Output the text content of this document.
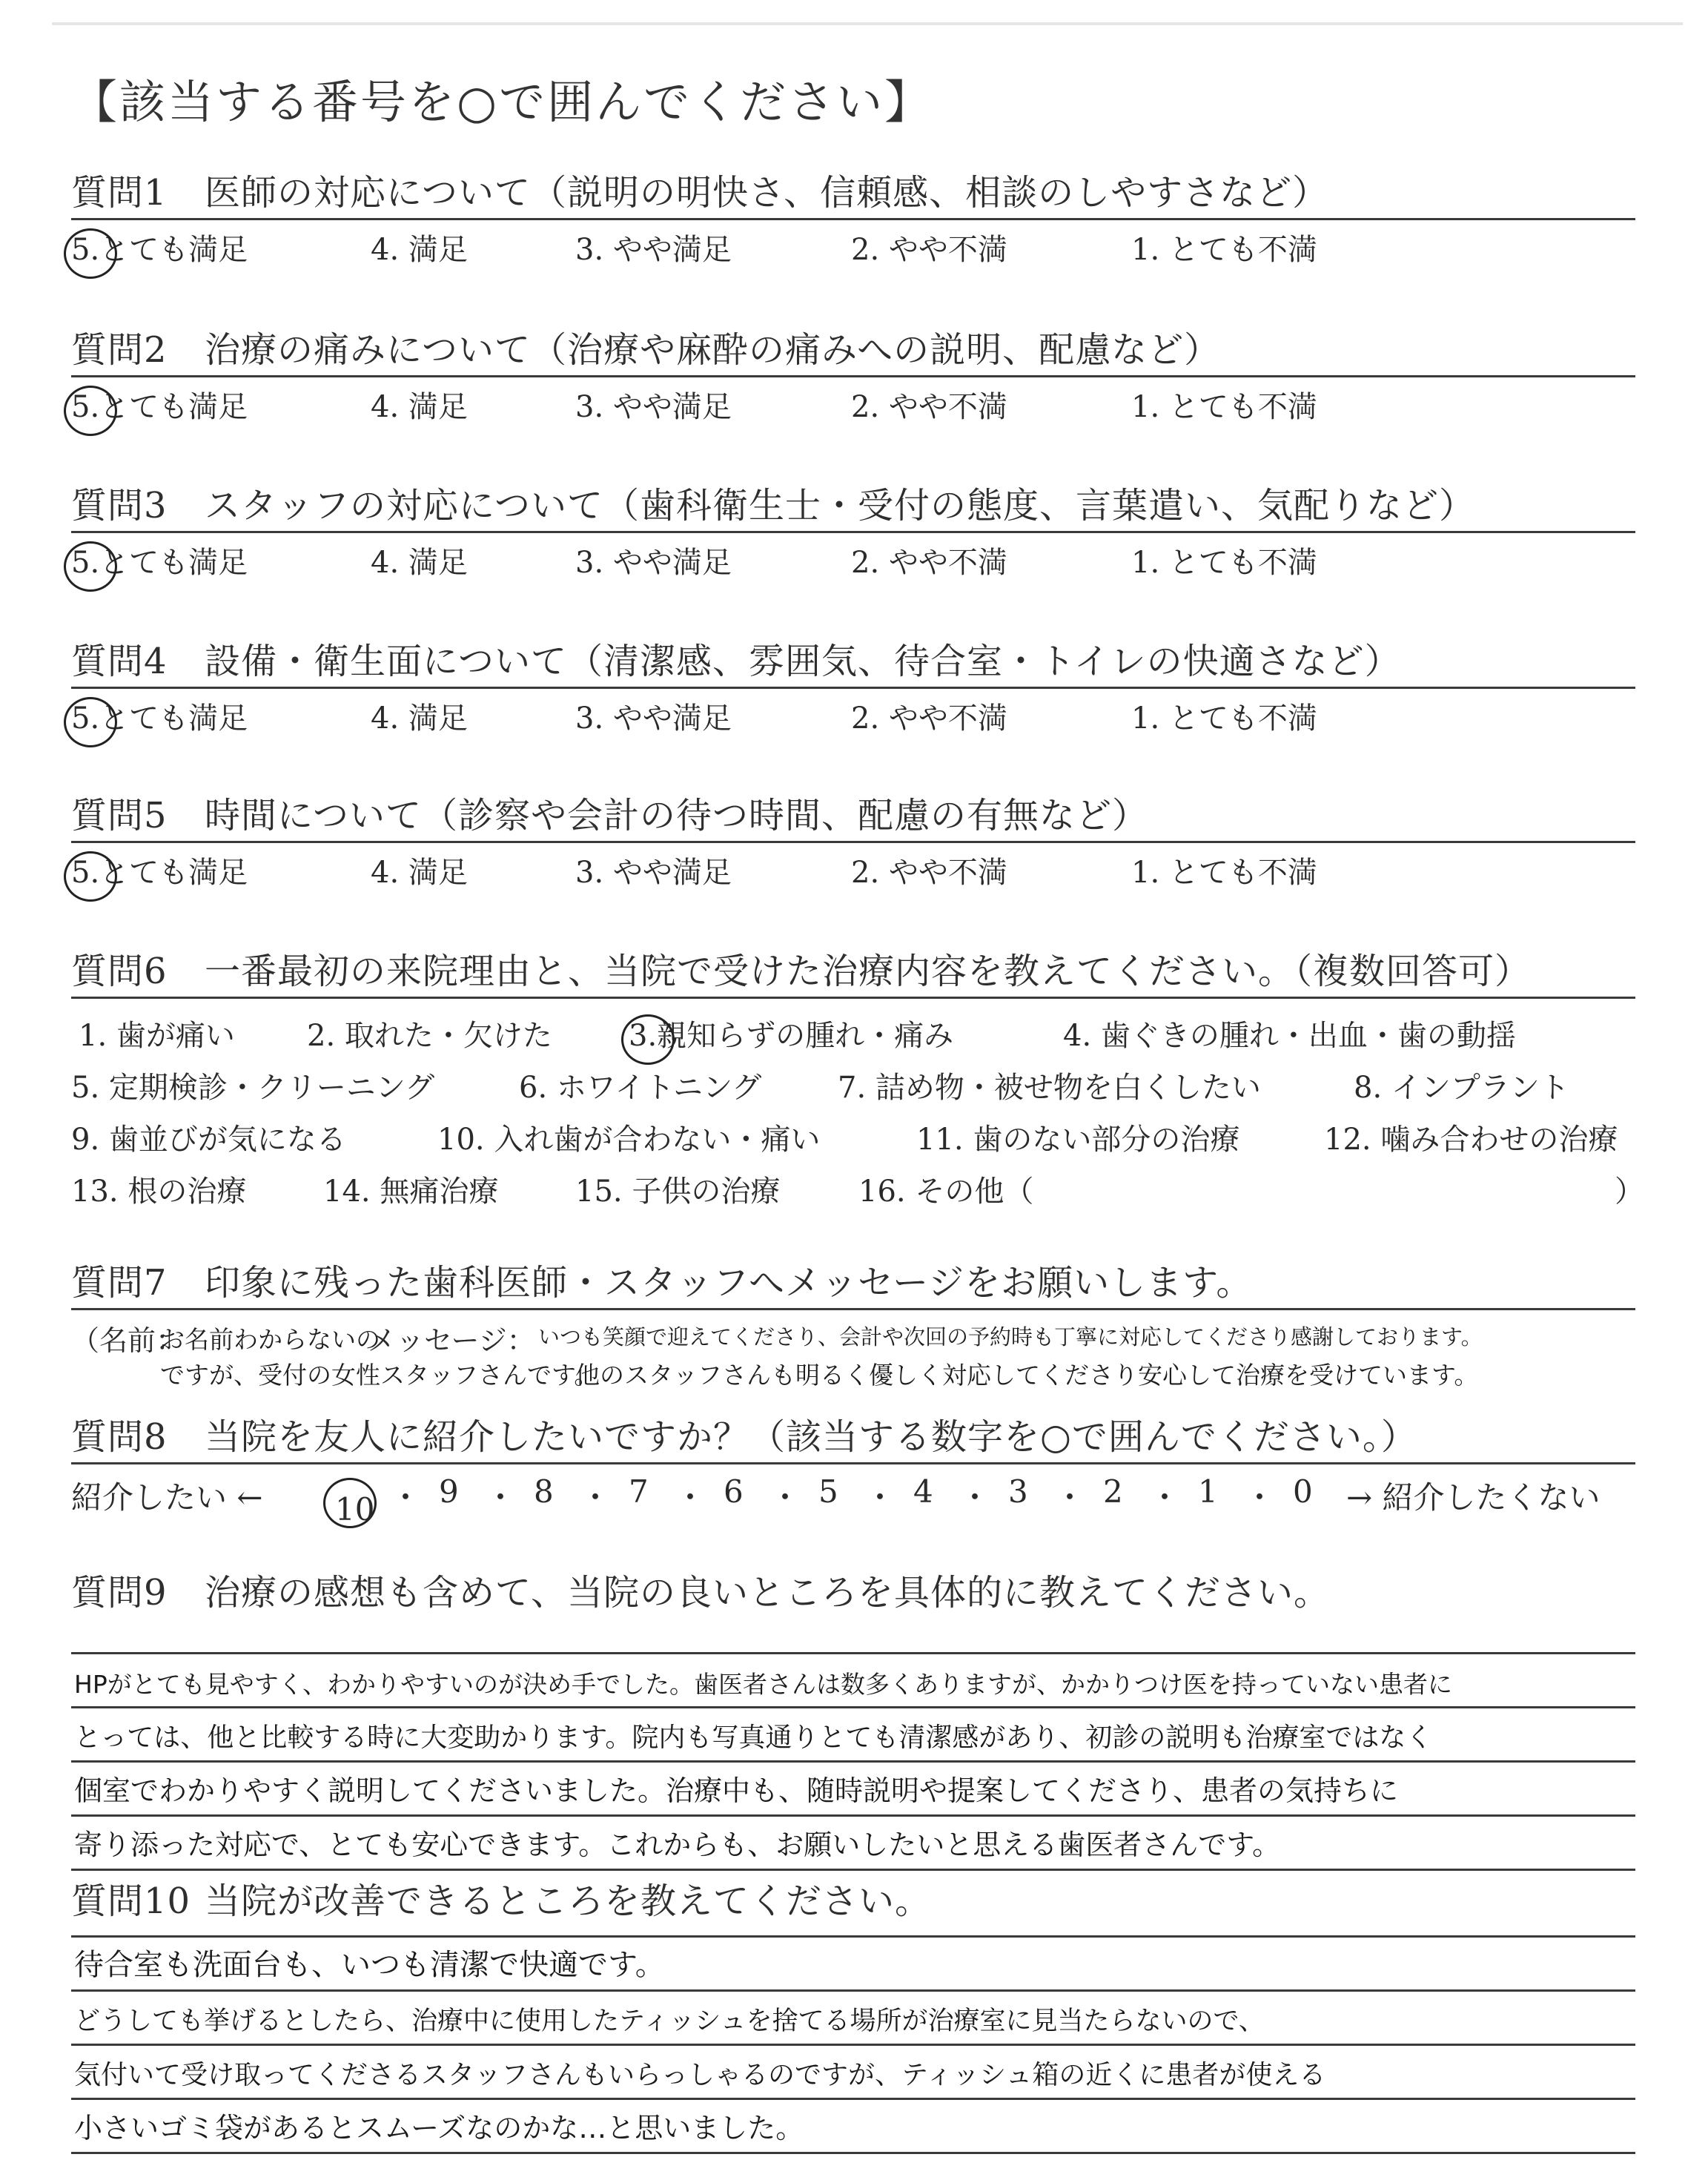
【該当する番号を○で囲んでください】
質問1 医師の対応について（説明の明快さ、信頼感、相談のしやすさなど）
5.とても満足	4. 満足	3. やや満足	2. やや不満	1. とても不満
質問2 治療の痛みについて（治療や麻酔の痛みへの説明、配慮など）
5.とても満足	4. 満足	3. やや満足	2. やや不満	1. とても不満
質問3 スタッフの対応について（歯科衛生士・受付の態度、言葉遣い、気配りなど）
5.とても満足	4. 満足	3. やや満足	2. やや不満	1. とても不満
質問4 設備・衛生面について（清潔感、雰囲気、待合室・トイレの快適さなど）
5.とても満足	4. 満足	3. やや満足	2. やや不満	1. とても不満
質問5 時間について（診察や会計の待つ時間、配慮の有無など）
5.とても満足	4. 満足	3. やや満足	2. やや不満	1. とても不満
質問6 一番最初の来院理由と、当院で受けた治療内容を教えてください。（複数回答可）
1. 歯が痛い 2. 取れた・欠けた	3.親知らずの腫れ・痛み	4. 歯ぐきの腫れ・出血・歯の動揺
5. 定期検診・クリーニング	6. ホワイトニング	7. 詰め物・被せ物を白くしたい	8. インプラント
9. 歯並びが気になる	10. 入れ歯が合わない・痛い	11. 歯のない部分の治療	12. 噛み合わせの治療
13. 根の治療	14. 無痛治療	15. 子供の治療	16. その他（	）
質問7 印象に残った歯科医師・スタッフへメッセージをお願いします。
（名前：
お名前わからないの
ですが、受付の女性スタッフさんです。
メッセージ： いつも笑顔で迎えてくださり、会計や次回の予約時も丁寧に対応してくださり感謝しております。
他のスタッフさんも明るく優しく対応してくださり安心して治療を受けています。
質問8 当院を友人に紹介したいですか？（該当する数字を○で囲んでください。）
紹介したい ← 10 ・ 9 ・ 8 ・ 7 ・ 6 ・ 5 ・ 4 ・ 3 ・ 2 ・ 1 ・ 0 → 紹介したくない
質問9 治療の感想も含めて、当院の良いところを具体的に教えてください。
HPがとても見やすく、わかりやすいのが決め手でした。歯医者さんは数多くありますが、かかりつけ医を持っていない患者に
とっては、他と比較する時に大変助かります。院内も写真通りとても清潔感があり、初診の説明も治療室ではなく
個室でわかりやすく説明してくださいました。治療中も、随時説明や提案してくださり、患者の気持ちに
寄り添った対応で、とても安心できます。これからも、お願いしたいと思える歯医者さんです。
質問10 当院が改善できるところを教えてください。
待合室も洗面台も、いつも清潔で快適です。
どうしても挙げるとしたら、治療中に使用したティッシュを捨てる場所が治療室に見当たらないので、
気付いて受け取ってくださるスタッフさんもいらっしゃるのですが、ティッシュ箱の近くに患者が使える
小さいゴミ袋があるとスムーズなのかな…と思いました。
